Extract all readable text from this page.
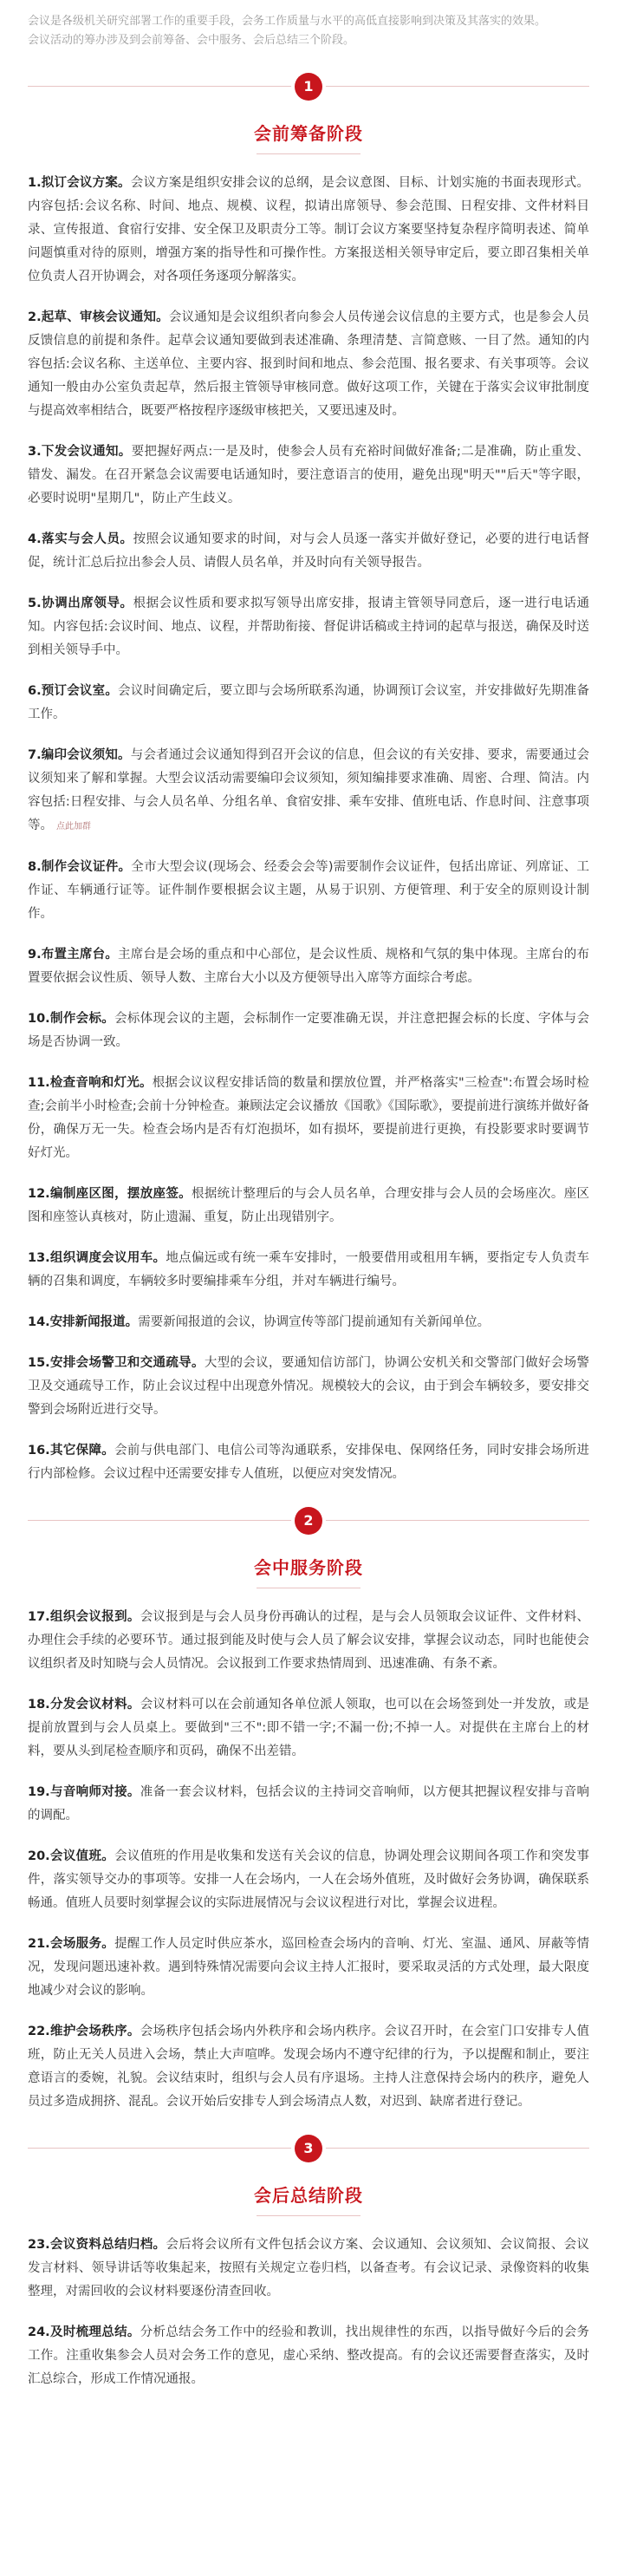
会议是各级机关研究部署工作的重要手段，会务工作质量与水平的高低直接影响到决策及其落实的效果。

会议活动的筹办涉及到会前筹备、会中服务、会后总结三个阶段。

1
会前筹备阶段

1.拟订会议方案。会议方案是组织安排会议的总纲，是会议意图、目标、计划实施的书面表现形式。内容包括:会议名称、时间、地点、规模、议程，拟请出席领导、参会范围、日程安排、文件材料目录、宣传报道、食宿行安排、安全保卫及职责分工等。制订会议方案要坚持复杂程序简明表述、简单问题慎重对待的原则，增强方案的指导性和可操作性。方案报送相关领导审定后，要立即召集相关单位负责人召开协调会，对各项任务逐项分解落实。

2.起草、审核会议通知。会议通知是会议组织者向参会人员传递会议信息的主要方式，也是参会人员反馈信息的前提和条件。起草会议通知要做到表述准确、条理清楚、言简意赅、一目了然。通知的内容包括:会议名称、主送单位、主要内容、报到时间和地点、参会范围、报名要求、有关事项等。会议通知一般由办公室负责起草，然后报主管领导审核同意。做好这项工作，关键在于落实会议审批制度与提高效率相结合，既要严格按程序逐级审核把关，又要迅速及时。

3.下发会议通知。要把握好两点:一是及时，使参会人员有充裕时间做好准备;二是准确，防止重发、错发、漏发。在召开紧急会议需要电话通知时，要注意语言的使用，避免出现"明天""后天"等字眼，必要时说明"星期几"，防止产生歧义。

4.落实与会人员。按照会议通知要求的时间，对与会人员逐一落实并做好登记，必要的进行电话督促，统计汇总后拉出参会人员、请假人员名单，并及时向有关领导报告。

5.协调出席领导。根据会议性质和要求拟写领导出席安排，报请主管领导同意后，逐一进行电话通知。内容包括:会议时间、地点、议程，并帮助衔接、督促讲话稿或主持词的起草与报送，确保及时送到相关领导手中。

6.预订会议室。会议时间确定后，要立即与会场所联系沟通，协调预订会议室，并安排做好先期准备工作。

7.编印会议须知。与会者通过会议通知得到召开会议的信息，但会议的有关安排、要求，需要通过会议须知来了解和掌握。大型会议活动需要编印会议须知，须知编排要求准确、周密、合理、简洁。内容包括:日程安排、与会人员名单、分组名单、食宿安排、乘车安排、值班电话、作息时间、注意事项等。 点此加群

8.制作会议证件。全市大型会议(现场会、经委会会等)需要制作会议证件，包括出席证、列席证、工作证、车辆通行证等。证件制作要根据会议主题，从易于识别、方便管理、利于安全的原则设计制作。

9.布置主席台。主席台是会场的重点和中心部位，是会议性质、规格和气氛的集中体现。主席台的布置要依据会议性质、领导人数、主席台大小以及方便领导出入席等方面综合考虑。

10.制作会标。会标体现会议的主题，会标制作一定要准确无误，并注意把握会标的长度、字体与会场是否协调一致。

11.检查音响和灯光。根据会议议程安排话筒的数量和摆放位置，并严格落实"三检查":布置会场时检查;会前半小时检查;会前十分钟检查。兼顾法定会议播放《国歌》《国际歌》，要提前进行演练并做好备份，确保万无一失。检查会场内是否有灯泡损坏，如有损坏，要提前进行更换，有投影要求时要调节好灯光。

12.编制座区图，摆放座签。根据统计整理后的与会人员名单，合理安排与会人员的会场座次。座区图和座签认真核对，防止遗漏、重复，防止出现错别字。

13.组织调度会议用车。地点偏远或有统一乘车安排时，一般要借用或租用车辆，要指定专人负责车辆的召集和调度，车辆较多时要编排乘车分组，并对车辆进行编号。

14.安排新闻报道。需要新闻报道的会议，协调宣传等部门提前通知有关新闻单位。

15.安排会场警卫和交通疏导。大型的会议，要通知信访部门，协调公安机关和交警部门做好会场警卫及交通疏导工作，防止会议过程中出现意外情况。规模较大的会议，由于到会车辆较多，要安排交警到会场附近进行交导。

16.其它保障。会前与供电部门、电信公司等沟通联系，安排保电、保网络任务，同时安排会场所进行内部检修。会议过程中还需要安排专人值班，以便应对突发情况。

2
会中服务阶段

17.组织会议报到。会议报到是与会人员身份再确认的过程，是与会人员领取会议证件、文件材料、办理住会手续的必要环节。通过报到能及时使与会人员了解会议安排，掌握会议动态，同时也能使会议组织者及时知晓与会人员情况。会议报到工作要求热情周到、迅速准确、有条不紊。

18.分发会议材料。会议材料可以在会前通知各单位派人领取，也可以在会场签到处一并发放，或是提前放置到与会人员桌上。要做到"三不":即不错一字;不漏一份;不掉一人。对提供在主席台上的材料，要从头到尾检查顺序和页码，确保不出差错。

19.与音响师对接。准备一套会议材料，包括会议的主持词交音响师，以方便其把握议程安排与音响的调配。

20.会议值班。会议值班的作用是收集和发送有关会议的信息，协调处理会议期间各项工作和突发事件，落实领导交办的事项等。安排一人在会场内，一人在会场外值班，及时做好会务协调，确保联系畅通。值班人员要时刻掌握会议的实际进展情况与会议议程进行对比，掌握会议进程。

21.会场服务。提醒工作人员定时供应茶水，巡回检查会场内的音响、灯光、室温、通风、屏蔽等情况，发现问题迅速补救。遇到特殊情况需要向会议主持人汇报时，要采取灵活的方式处理，最大限度地减少对会议的影响。

22.维护会场秩序。会场秩序包括会场内外秩序和会场内秩序。会议召开时，在会室门口安排专人值班，防止无关人员进入会场，禁止大声喧哗。发现会场内不遵守纪律的行为，予以提醒和制止，要注意语言的委婉，礼貌。会议结束时，组织与会人员有序退场。主持人注意保持会场内的秩序，避免人员过多造成拥挤、混乱。会议开始后安排专人到会场清点人数，对迟到、缺席者进行登记。

3
会后总结阶段

23.会议资料总结归档。会后将会议所有文件包括会议方案、会议通知、会议须知、会议简报、会议发言材料、领导讲话等收集起来，按照有关规定立卷归档，以备查考。有会议记录、录像资料的收集整理，对需回收的会议材料要逐份清查回收。

24.及时梳理总结。分析总结会务工作中的经验和教训，找出规律性的东西，以指导做好今后的会务工作。注重收集参会人员对会务工作的意见，虚心采纳、整改提高。有的会议还需要督查落实，及时汇总综合，形成工作情况通报。
